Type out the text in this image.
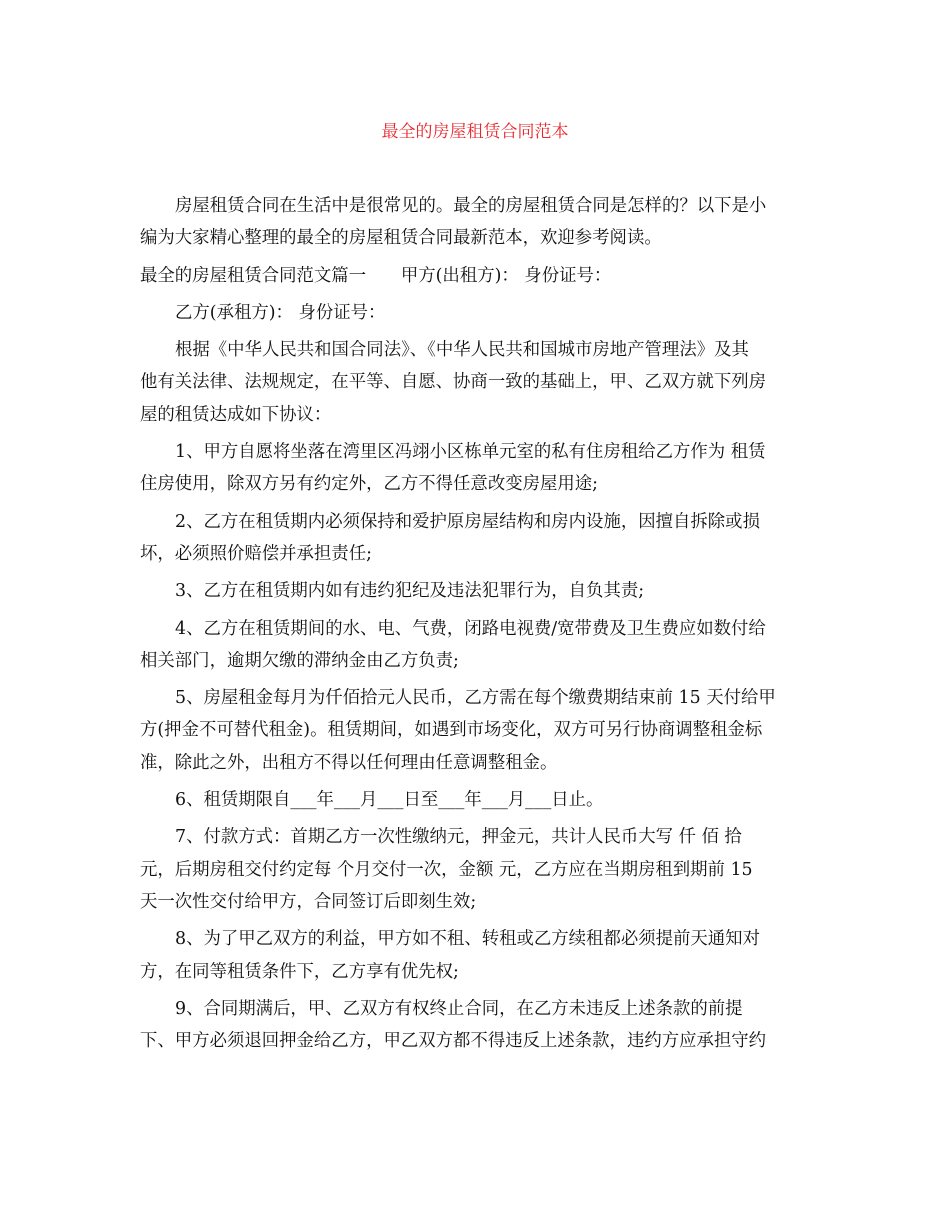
最全的房屋租赁合同范本
房屋租赁合同在生活中是很常见的。最全的房屋租赁合同是怎样的？以下是小
编为大家精心整理的最全的房屋租赁合同最新范本，欢迎参考阅读。
最全的房屋租赁合同范文篇一　　甲方(出租方)： 身份证号：
乙方(承租方)： 身份证号：
根据《中华人民共和国合同法》、《中华人民共和国城市房地产管理法》及其
他有关法律、法规规定，在平等、自愿、协商一致的基础上，甲、乙双方就下列房
屋的租赁达成如下协议：
1、甲方自愿将坐落在湾里区冯翊小区栋单元室的私有住房租给乙方作为 租赁
住房使用，除双方另有约定外，乙方不得任意改变房屋用途;
2、乙方在租赁期内必须保持和爱护原房屋结构和房内设施，因擅自拆除或损
坏，必须照价赔偿并承担责任;
3、乙方在租赁期内如有违约犯纪及违法犯罪行为，自负其责;
4、乙方在租赁期间的水、电、气费，闭路电视费/宽带费及卫生费应如数付给
相关部门，逾期欠缴的滞纳金由乙方负责;
5、房屋租金每月为仟佰拾元人民币，乙方需在每个缴费期结束前 15 天付给甲
方(押金不可替代租金)。租赁期间，如遇到市场变化，双方可另行协商调整租金标
准，除此之外，出租方不得以任何理由任意调整租金。
6、租赁期限自___年___月___日至___年___月___日止。
7、付款方式：首期乙方一次性缴纳元，押金元，共计人民币大写 仟 佰 拾
元，后期房租交付约定每 个月交付一次，金额 元，乙方应在当期房租到期前 15
天一次性交付给甲方，合同签订后即刻生效;
8、为了甲乙双方的利益，甲方如不租、转租或乙方续租都必须提前天通知对
方，在同等租赁条件下，乙方享有优先权;
9、合同期满后，甲、乙双方有权终止合同，在乙方未违反上述条款的前提
下、甲方必须退回押金给乙方，甲乙双方都不得违反上述条款，违约方应承担守约
